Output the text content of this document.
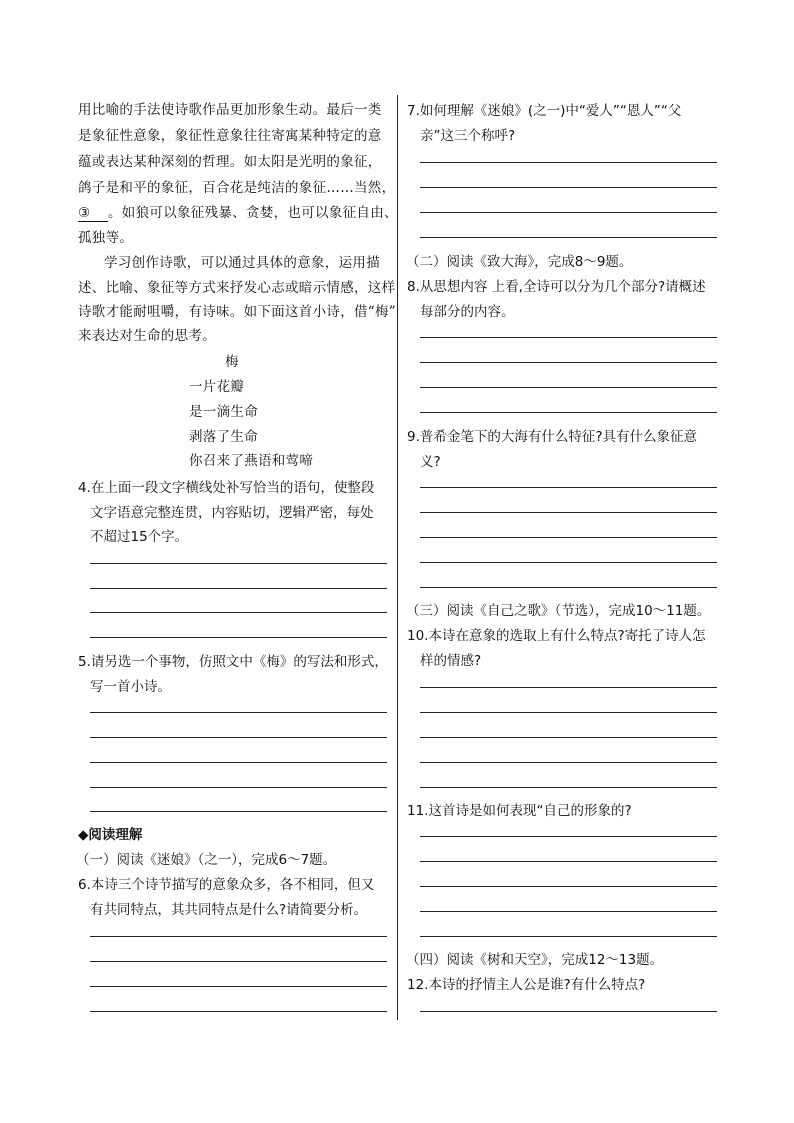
用比喻的手法使诗歌作品更加形象生动。最后一类
是象征性意象，象征性意象往往寄寓某种特定的意
蕴或表达某种深刻的哲理。如太阳是光明的象征，
鸽子是和平的象征，百合花是纯洁的象征……当然，
③ 。如狼可以象征残暴、贪婪，也可以象征自由、
孤独等。
学习创作诗歌，可以通过具体的意象，运用描
述、比喻、象征等方式来抒发心志或暗示情感，这样
诗歌才能耐咀嚼，有诗味。如下面这首小诗，借“梅”
来表达对生命的思考。
梅
一片花瓣
是一滴生命
剥落了生命
你召来了燕语和莺啼
4.在上面一段文字横线处补写恰当的语句，使整段
文字语意完整连贯，内容贴切，逻辑严密，每处
不超过15个字。
5.请另选一个事物，仿照文中《梅》的写法和形式，
写一首小诗。
◆阅读理解
（一）阅读《迷娘》（之一），完成6～7题。
6.本诗三个诗节描写的意象众多，各不相同，但又
有共同特点，其共同特点是什么?请简要分析。
7.如何理解《迷娘》(之一)中“爱人”“恩人”“父
亲”这三个称呼?
（二）阅读《致大海》，完成8～9题。
8.从思想内容 上看,全诗可以分为几个部分?请概述
每部分的内容。
9.普希金笔下的大海有什么特征?具有什么象征意
义?
（三）阅读《自己之歌》（节选），完成10～11题。
10.本诗在意象的选取上有什么特点?寄托了诗人怎
样的情感?
11.这首诗是如何表现“自己的形象的?
（四）阅读《树和天空》，完成12～13题。
12.本诗的抒情主人公是谁?有什么特点?
